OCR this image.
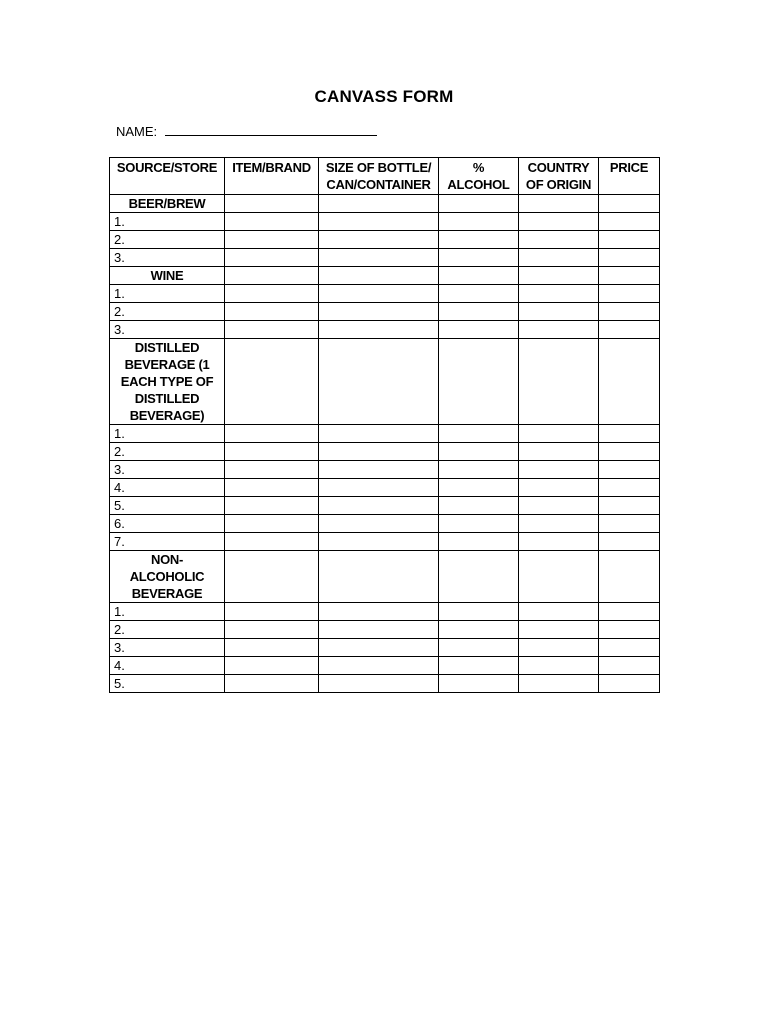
CANVASS FORM
NAME:
SOURCE/STORE	ITEM/BRAND	SIZE OF BOTTLE/ CAN/CONTAINER	% ALCOHOL	COUNTRY OF ORIGIN	PRICE
BEER/BREW					
1.					
2.					
3.					
WINE					
1.					
2.					
3.					
DISTILLED BEVERAGE (1 EACH TYPE OF DISTILLED BEVERAGE)					
1.					
2.					
3.					
4.					
5.					
6.					
7.					
NON-ALCOHOLIC BEVERAGE					
1.					
2.					
3.					
4.					
5.					
